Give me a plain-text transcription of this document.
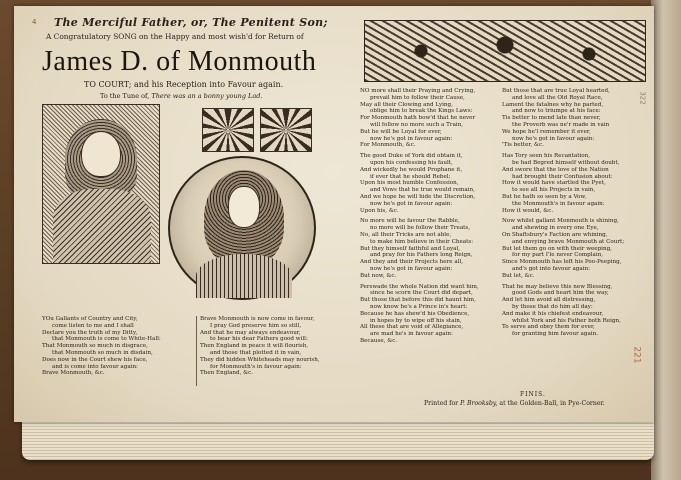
4 The Merciful Father, or, The Penitent Son;
A Congratulatory SONG on the Happy and most wish'd for Return of
James D. of Monmouth
TO COURT; and his Reception into Favour again.
To the Tune of, There was an a bonny young Lad.
YOu Gallants of Country and City,
come listen to me and I shall
Declare you the truth of my Ditty,
that Monmouth is come to White-Hall:
That Monmouth so much in disgrace,
that Monmouth so much in disdain,
Does now in the Court shew his face,
and is come into favour again:
Brave Monmouth, &c.
Brave Monmouth is now come in favour,
I pray God preserve him so still,
And that he may always endeavour,
to bear his dear Fathers good will:
Then England in peace it will flourish,
and those that plotted it in vain,
They did hidden Whiteheads may nourish,
for Monmouth's in favour again:
Then England, &c.

NO more shall their Praying and Crying,
prevail him to follow their Cause,
May all their Clowing and Lying,
oblige him to break the Kings Laws:
For Monmouth hath bow'd that he never
will follow no more such a Train,
But he will be Loyal for ever,
now he's got in favour again:
For Monmouth, &c.

The good Duke of York did obtain it,
upon his confessing his fault,
And wickedly he would Prophane it,
if ever that he should Rebel;
Upon his most humble Confession,
and Vows that he true would remain,
And we hope he will hide the Discretion,
now he's got in favour again:
Upon his, &c.

No more will he favour the Rabble,
no more will be follow their Treats,
No, all their Tricks are not able,
to make him believe in their Cheats:
But they himself faithful and Loyal,
and pray for his Fathers long Reign,
And they and their Projects here all,
now he's got in favour again:
But now, &c.

Perswade the whole Nation did want him,
since he scorn the Court did depart,
But those that before this did haunt him,
now know he's a Prince in's heart:
Because he has shew'd his Obedience,
in hopes by to wipe off his stain,
All these that are void of Allegiance,
are mad he's in favour again:
Because, &c.

But those that are true Loyal hearted,
and love all the Old Royal Race,
Lament the fatalnes why he parted,
and now to triumpe at his face:
Tis better to mend late than never,
the Proverb was ne'r made in vain
We hope he'l remember it ever,
now he's got in favour again:
'Tis better, &c.

Has Tory seen his Recantation,
be had Begred himself without doubt,
And swore that the love of the Nation
had brought their Confusion about:
How it would have startled the Pyet,
to see all his Projects in vain,
But he hath so seen by a Vow,
the Monmouth's in favour again:
How it would, &c.

Now whilst gallant Monmouth is shining,
and shewing in every one Eye,
On Shaftsbury's Faction are whining,
and envying brave Monmouth at Court;
But let them go on with their weeping,
for my part I'le never Complain,
Since Monmouth has left his Poo-Peeping,
and's got into favour again:
But let, &c.

That he may believe this new Blessing,
good Gods and heart him the way,
And let him avoid all distressing,
by those that do him all day:
And make it his chiefest endeavour,
whilst York and his Father both Reign,
To serve and obey them for ever,
for granting him favour again.

FINIS.
Printed for P. Brooksby, at the Golden-Ball, in Pye-Corner.
221
322
